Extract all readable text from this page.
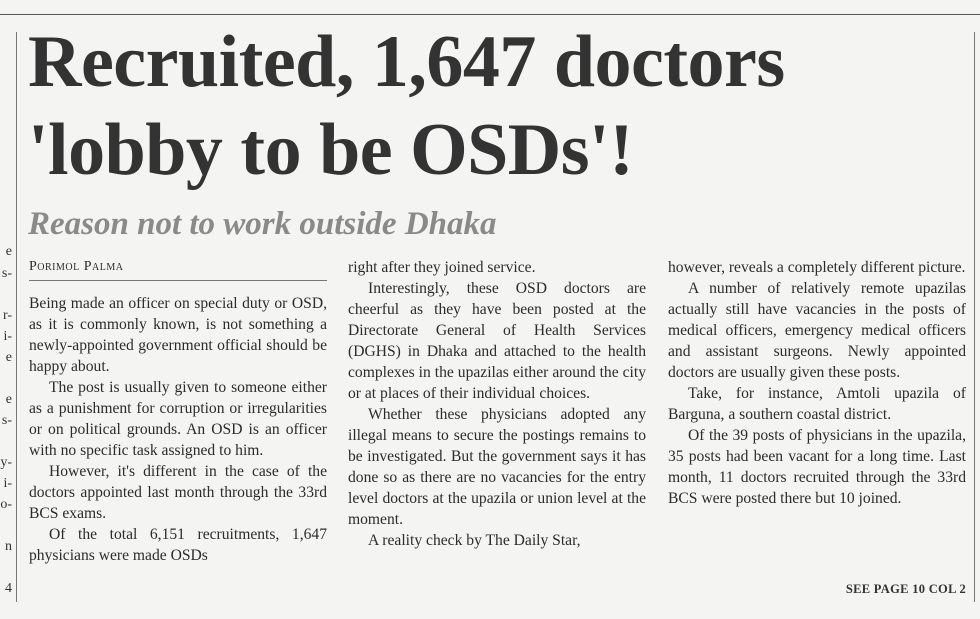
e
s-
r-
i-
e
e
s-
y-
i-
o-
n
4
Recruited, 1,647 doctors
'lobby to be OSDs'!
Reason not to work outside Dhaka
Porimol Palma

Being made an officer on special duty or OSD, as it is commonly known, is not something a newly-appointed government official should be happy about.

The post is usually given to someone either as a punishment for corruption or irregularities or on political grounds. An OSD is an officer with no specific task assigned to him.

However, it's different in the case of the doctors appointed last month through the 33rd BCS exams.

Of the total 6,151 recruitments, 1,647 physicians were made OSDs

right after they joined service.

Interestingly, these OSD doctors are cheerful as they have been posted at the Directorate General of Health Services (DGHS) in Dhaka and attached to the health complexes in the upazilas either around the city or at places of their individual choices.

Whether these physicians adopted any illegal means to secure the postings remains to be investigated. But the government says it has done so as there are no vacancies for the entry level doctors at the upazila or union level at the moment.

A reality check by The Daily Star,

however, reveals a completely different picture.

A number of relatively remote upazilas actually still have vacancies in the posts of medical officers, emergency medical officers and assistant surgeons. Newly appointed doctors are usually given these posts.

Take, for instance, Amtoli upazila of Barguna, a southern coastal district.

Of the 39 posts of physicians in the upazila, 35 posts had been vacant for a long time. Last month, 11 doctors recruited through the 33rd BCS were posted there but 10 joined.

SEE PAGE 10 COL 2
